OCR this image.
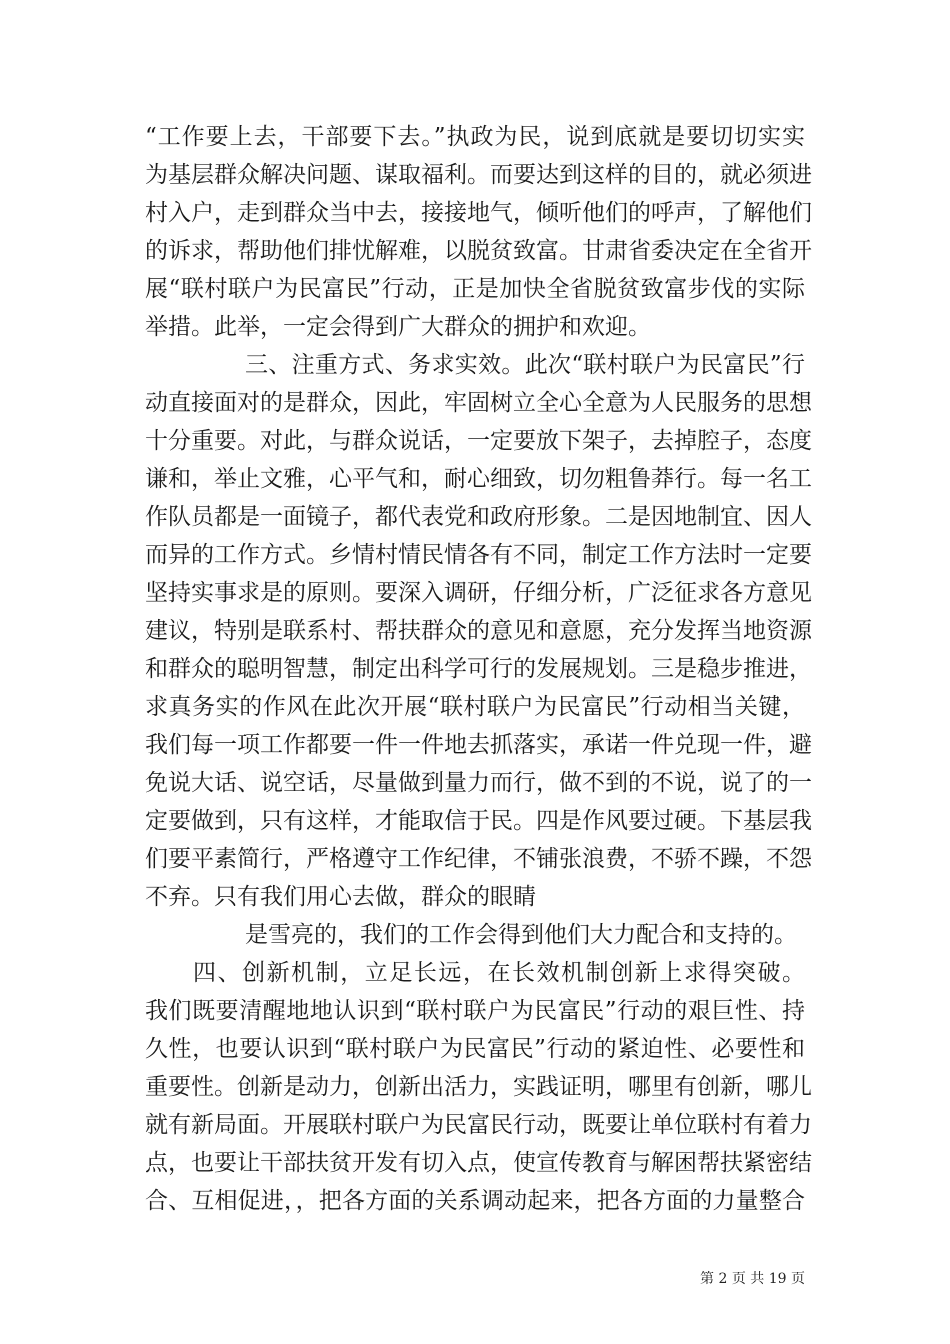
“工作要上去，干部要下去。”执政为民，说到底就是要切切实实
为基层群众解决问题、谋取福利。而要达到这样的目的，就必须进
村入户，走到群众当中去，接接地气，倾听他们的呼声，了解他们
的诉求，帮助他们排忧解难，以脱贫致富。甘肃省委决定在全省开
展“联村联户为民富民”行动，正是加快全省脱贫致富步伐的实际
举措。此举，一定会得到广大群众的拥护和欢迎。
三、注重方式、务求实效。此次“联村联户为民富民”行
动直接面对的是群众，因此，牢固树立全心全意为人民服务的思想
十分重要。对此，与群众说话，一定要放下架子，去掉腔子，态度
谦和，举止文雅，心平气和，耐心细致，切勿粗鲁莽行。每一名工
作队员都是一面镜子，都代表党和政府形象。二是因地制宜、因人
而异的工作方式。乡情村情民情各有不同，制定工作方法时一定要
坚持实事求是的原则。要深入调研，仔细分析，广泛征求各方意见
建议，特别是联系村、帮扶群众的意见和意愿，充分发挥当地资源
和群众的聪明智慧，制定出科学可行的发展规划。三是稳步推进，
求真务实的作风在此次开展“联村联户为民富民”行动相当关键，
我们每一项工作都要一件一件地去抓落实，承诺一件兑现一件，避
免说大话、说空话，尽量做到量力而行，做不到的不说，说了的一
定要做到，只有这样，才能取信于民。四是作风要过硬。下基层我
们要平素简行，严格遵守工作纪律，不铺张浪费，不骄不躁，不怨
不弃。只有我们用心去做，群众的眼睛
是雪亮的，我们的工作会得到他们大力配合和支持的。
四、创新机制，立足长远，在长效机制创新上求得突破。
我们既要清醒地地认识到“联村联户为民富民”行动的艰巨性、持
久性，也要认识到“联村联户为民富民”行动的紧迫性、必要性和
重要性。创新是动力，创新出活力，实践证明，哪里有创新，哪儿
就有新局面。开展联村联户为民富民行动，既要让单位联村有着力
点，也要让干部扶贫开发有切入点，使宣传教育与解困帮扶紧密结
合、互相促进，，把各方面的关系调动起来，把各方面的力量整合
第 2 页 共 19 页
